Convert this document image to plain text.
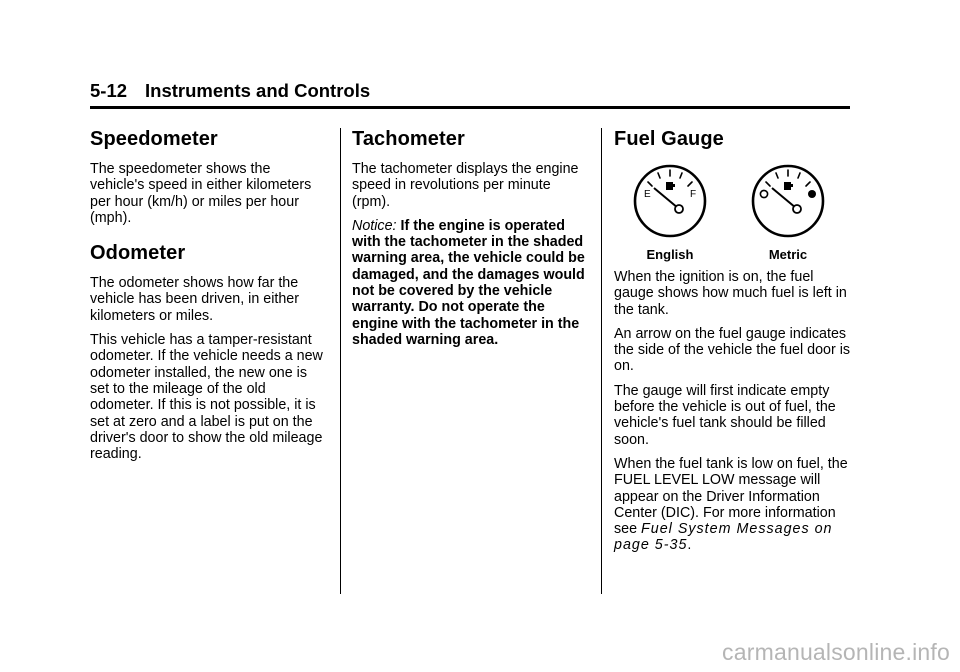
5-12 Instruments and Controls
Speedometer

The speedometer shows the vehicle's speed in either kilometers per hour (km/h) or miles per hour (mph).

Odometer

The odometer shows how far the vehicle has been driven, in either kilometers or miles.

This vehicle has a tamper-resistant odometer. If the vehicle needs a new odometer installed, the new one is set to the mileage of the old odometer. If this is not possible, it is set at zero and a label is put on the driver's door to show the old mileage reading.

Tachometer

The tachometer displays the engine speed in revolutions per minute (rpm).

Notice: If the engine is operated with the tachometer in the shaded warning area, the vehicle could be damaged, and the damages would not be covered by the vehicle warranty. Do not operate the engine with the tachometer in the shaded warning area.

Fuel Gauge
E	F
English	Metric

When the ignition is on, the fuel gauge shows how much fuel is left in the tank.

An arrow on the fuel gauge indicates the side of the vehicle the fuel door is on.

The gauge will first indicate empty before the vehicle is out of fuel, the vehicle's fuel tank should be filled soon.

When the fuel tank is low on fuel, the FUEL LEVEL LOW message will appear on the Driver Information Center (DIC). For more information see Fuel System Messages on page 5-35.

carmanualsonline.info
